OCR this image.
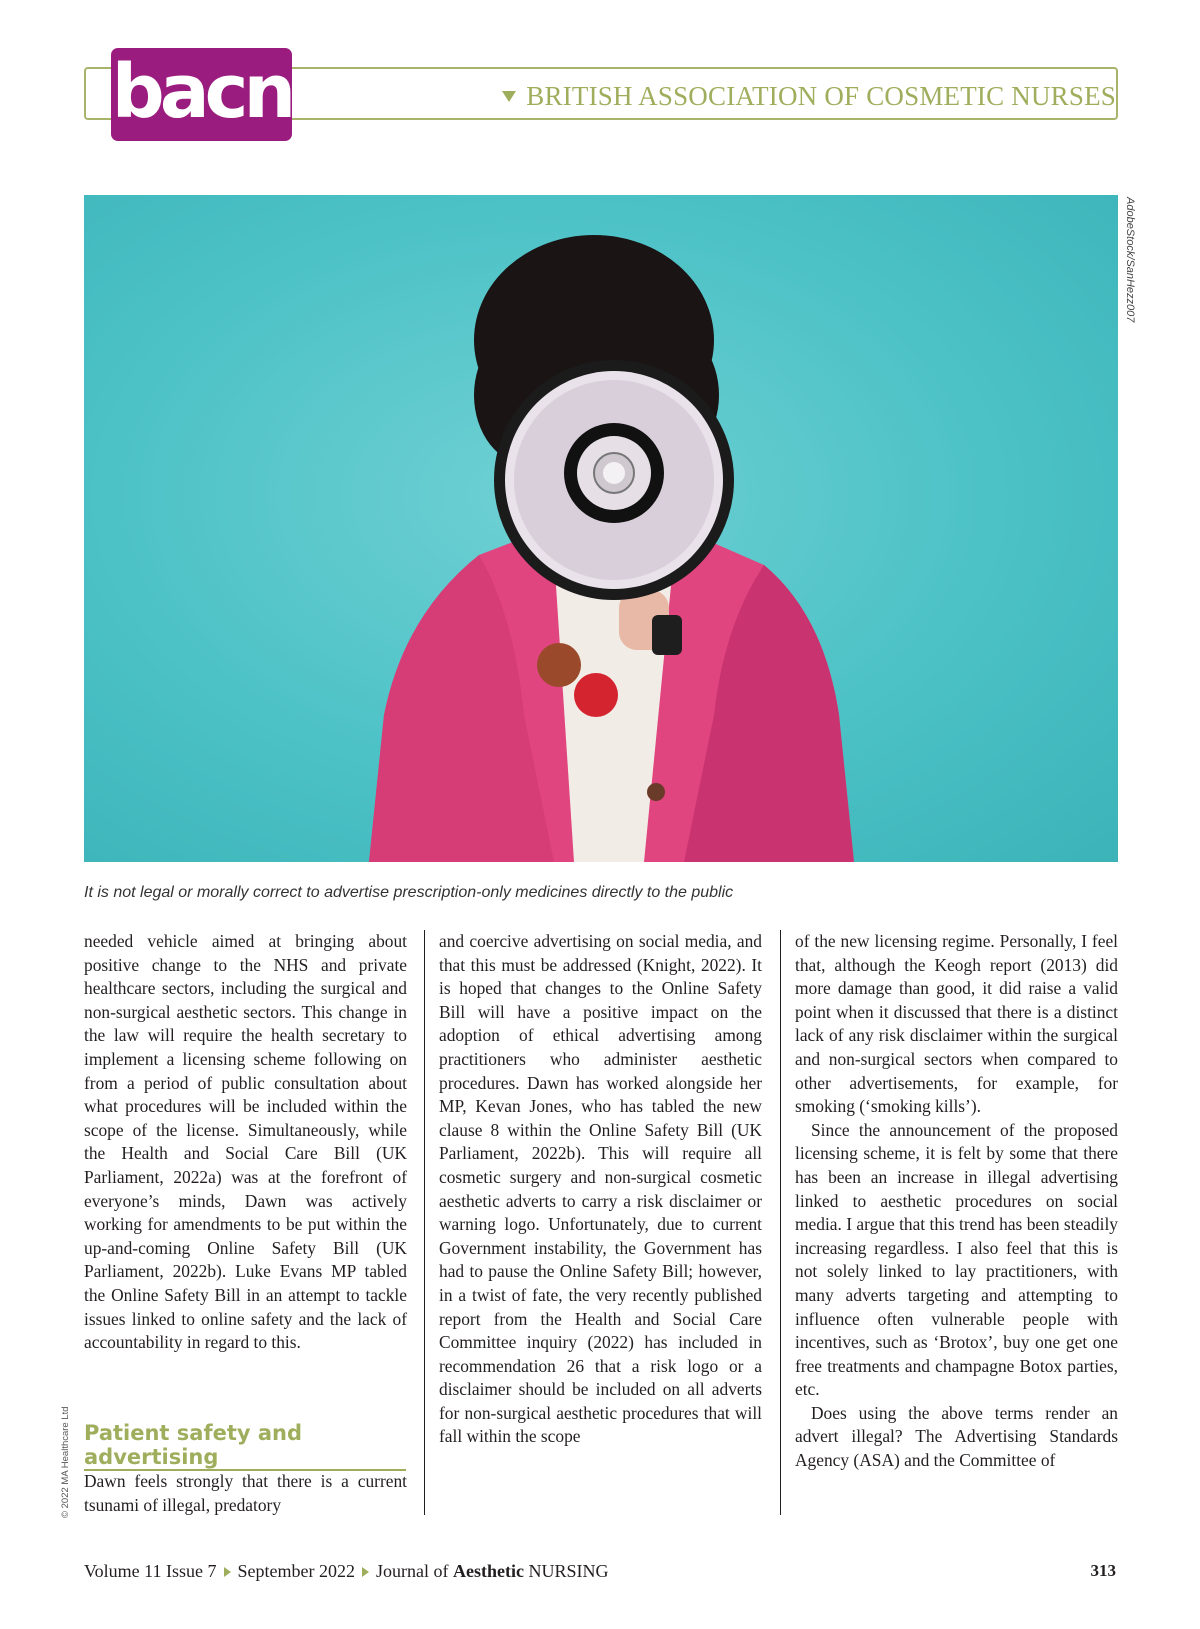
bacn	BRITISH ASSOCIATION OF COSMETIC NURSES
AdobeStock/SanHezz007
It is not legal or morally correct to advertise prescription-only medicines directly to the public

needed vehicle aimed at bringing about positive change to the NHS and private healthcare sectors, including the surgical and non-surgical aesthetic sectors. This change in the law will require the health secretary to implement a licensing scheme following on from a period of public consultation about what procedures will be included within the scope of the license. Simultaneously, while the Health and Social Care Bill (UK Parliament, 2022a) was at the forefront of everyone’s minds, Dawn was actively working for amendments to be put within the up-and-coming Online Safety Bill (UK Parliament, 2022b). Luke Evans MP tabled the Online Safety Bill in an attempt to tackle issues linked to online safety and the lack of accountability in regard to this.

Patient safety and advertising

Dawn feels strongly that there is a current tsunami of illegal, predatory

and coercive advertising on social media, and that this must be addressed (Knight, 2022). It is hoped that changes to the Online Safety Bill will have a positive impact on the adoption of ethical advertising among practitioners who administer aesthetic procedures. Dawn has worked alongside her MP, Kevan Jones, who has tabled the new clause 8 within the Online Safety Bill (UK Parliament, 2022b). This will require all cosmetic surgery and non-surgical cosmetic aesthetic adverts to carry a risk disclaimer or warning logo. Unfortunately, due to current Government instability, the Government has had to pause the Online Safety Bill; however, in a twist of fate, the very recently published report from the Health and Social Care Committee inquiry (2022) has included in recommendation 26 that a risk logo or a disclaimer should be included on all adverts for non-surgical aesthetic procedures that will fall within the scope

of the new licensing regime. Personally, I feel that, although the Keogh report (2013) did more damage than good, it did raise a valid point when it discussed that there is a distinct lack of any risk disclaimer within the surgical and non-surgical sectors when compared to other advertisements, for example, for smoking (‘smoking kills’).

Since the announcement of the proposed licensing scheme, it is felt by some that there has been an increase in illegal advertising linked to aesthetic procedures on social media. I argue that this trend has been steadily increasing regardless. I also feel that this is not solely linked to lay practitioners, with many adverts targeting and attempting to influence often vulnerable people with incentives, such as ‘Brotox’, buy one get one free treatments and champagne Botox parties, etc.

Does using the above terms render an advert illegal? The Advertising Standards Agency (ASA) and the Committee of

© 2022 MA Healthcare Ltd
Volume 11 Issue 7 September 2022 Journal of
Aesthetic
NURSING	313
